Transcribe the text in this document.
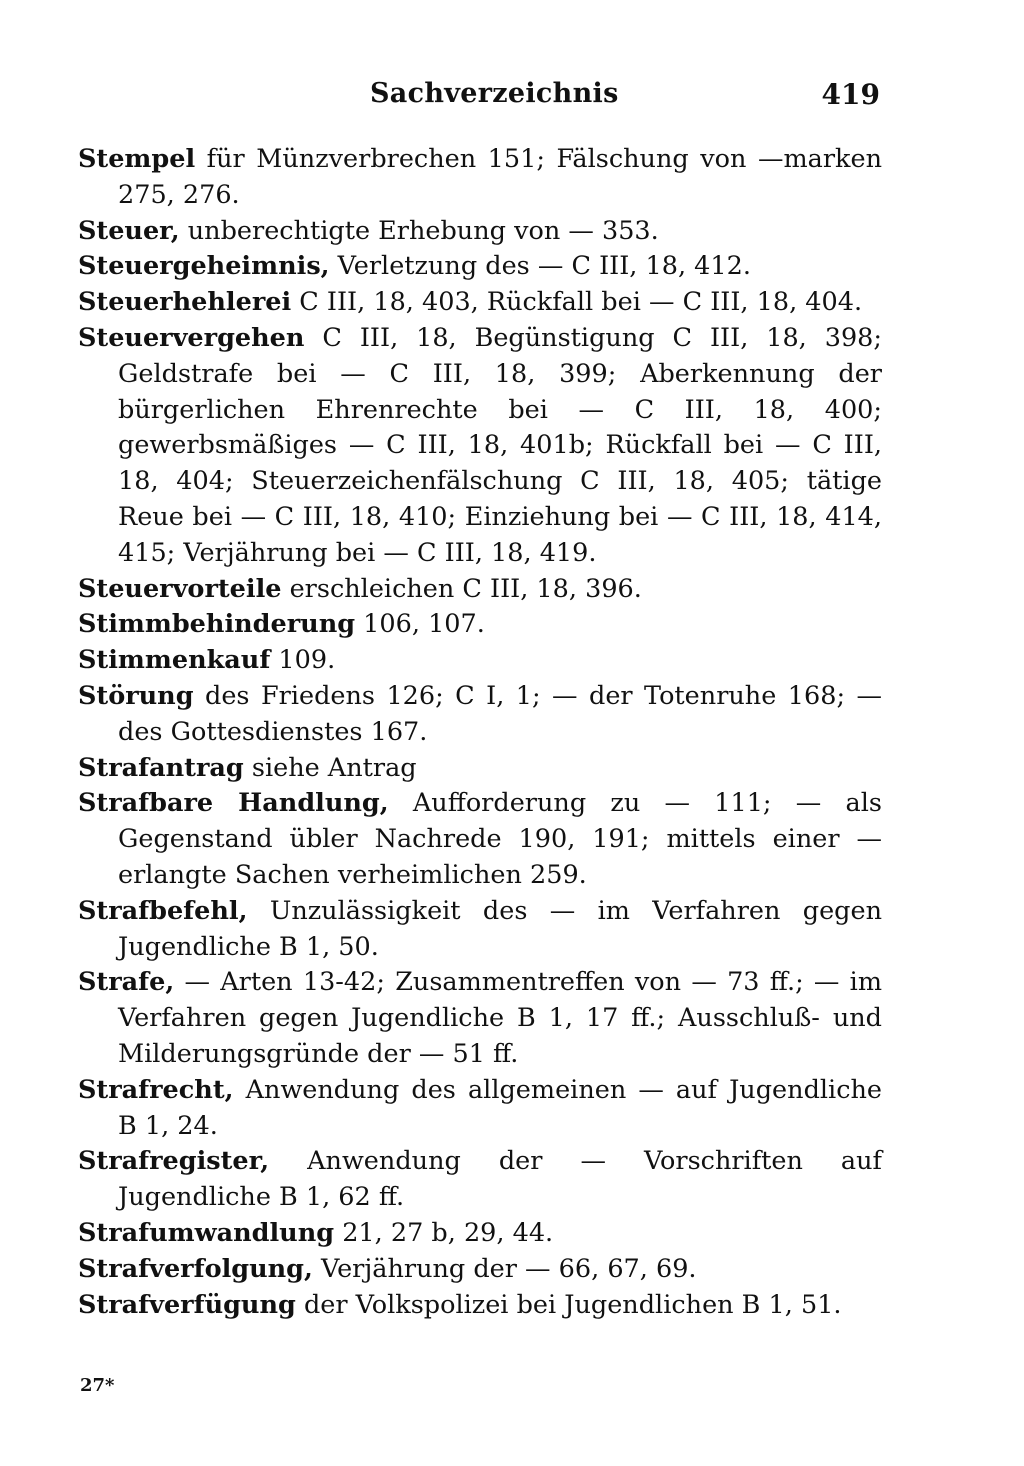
Sachverzeichnis	419

Stempel für Münzverbrechen 151; Fälschung von —marken 275, 276.

Steuer, unberechtigte Erhebung von — 353.

Steuergeheimnis, Verletzung des — C III, 18, 412.

Steuerhehlerei C III, 18, 403, Rückfall bei — C III, 18, 404.

Steuervergehen C III, 18, Begünstigung C III, 18, 398; Geldstrafe bei — C III, 18, 399; Aberkennung der bürgerlichen Ehrenrechte bei — C III, 18, 400; gewerbsmäßiges — C III, 18, 401b; Rückfall bei — C III, 18, 404; Steuerzeichenfälschung C III, 18, 405; tätige Reue bei — C III, 18, 410; Einziehung bei — C III, 18, 414, 415; Verjährung bei — C III, 18, 419.

Steuervorteile erschleichen C III, 18, 396.

Stimmbehinderung 106, 107.

Stimmenkauf 109.

Störung des Friedens 126; C I, 1; — der Totenruhe 168; — des Gottesdienstes 167.

Strafantrag siehe Antrag

Strafbare Handlung, Aufforderung zu — 111; — als Gegenstand übler Nachrede 190, 191; mittels einer — erlangte Sachen verheimlichen 259.

Strafbefehl, Unzulässigkeit des — im Verfahren gegen Jugendliche B 1, 50.

Strafe, — Arten 13-42; Zusammentreffen von — 73 ff.; — im Verfahren gegen Jugendliche B 1, 17 ff.; Ausschluß- und Milderungsgründe der — 51 ff.

Strafrecht, Anwendung des allgemeinen — auf Jugendliche B 1, 24.

Strafregister, Anwendung der — Vorschriften auf Jugendliche B 1, 62 ff.

Strafumwandlung 21, 27 b, 29, 44.

Strafverfolgung, Verjährung der — 66, 67, 69.

Strafverfügung der Volkspolizei bei Jugendlichen B 1, 51.

27*
